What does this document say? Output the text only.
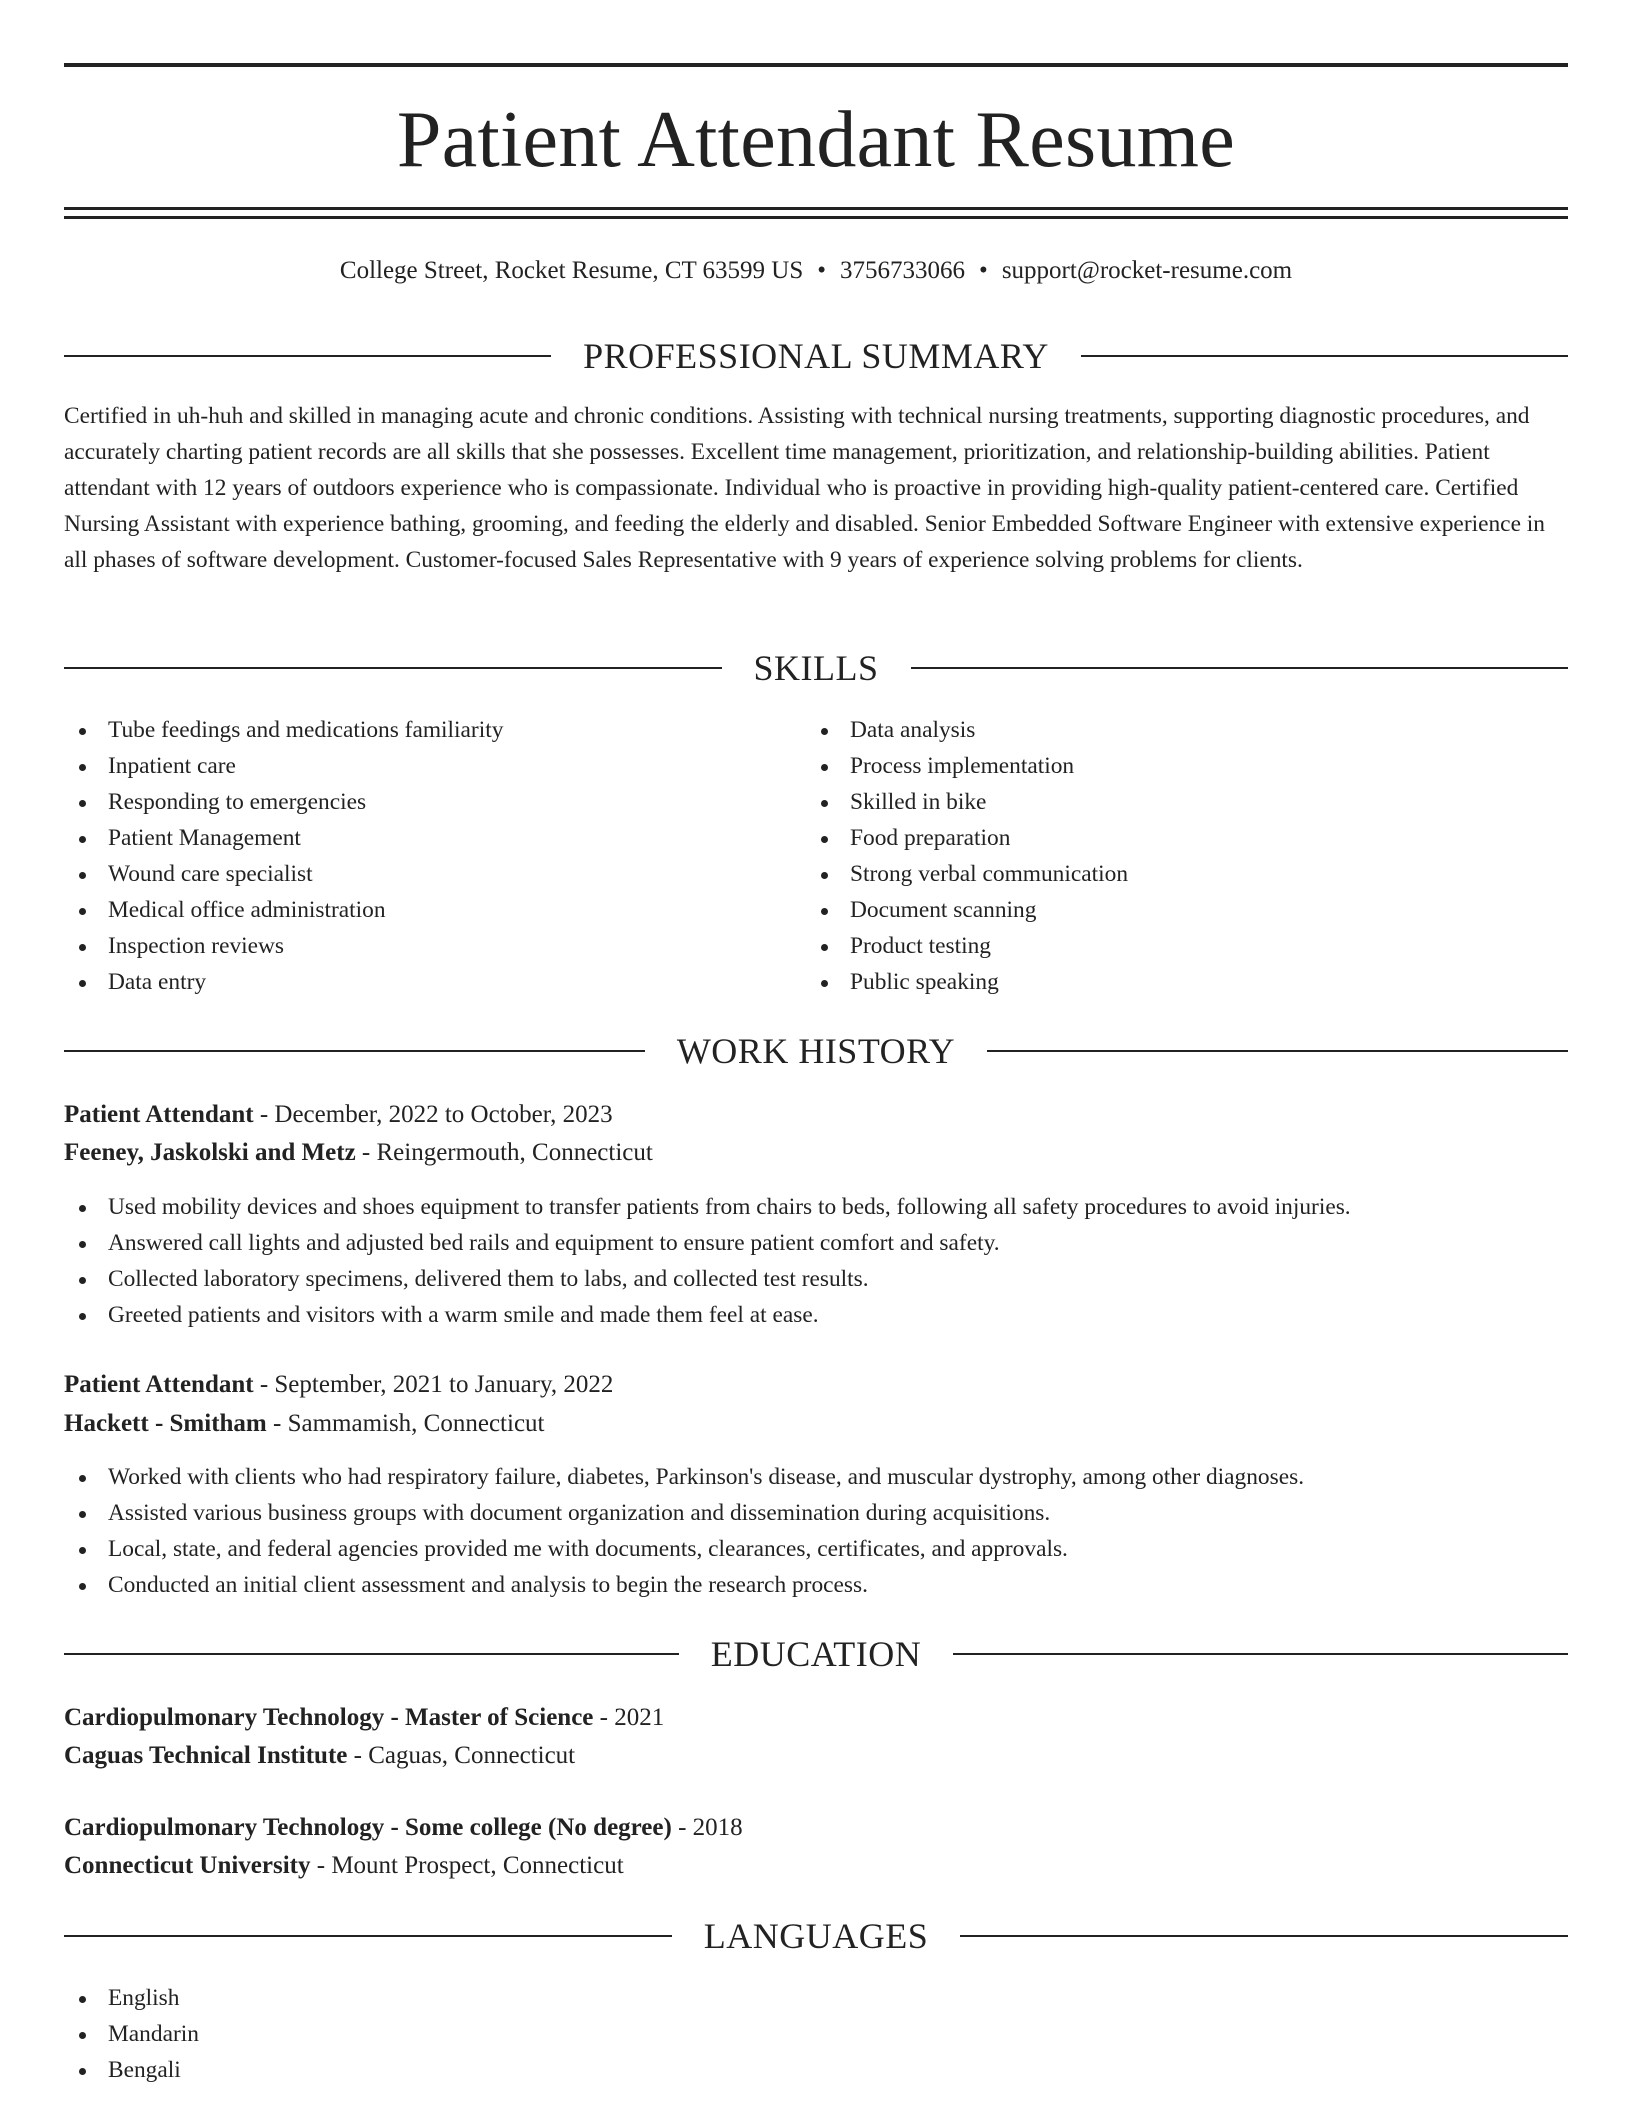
Patient Attendant Resume
College Street, Rocket Resume, CT 63599 US • 3756733066 • support@rocket-resume.com
PROFESSIONAL SUMMARY

Certified in uh-huh and skilled in managing acute and chronic conditions. Assisting with technical nursing treatments, supporting diagnostic procedures, and accurately charting patient records are all skills that she possesses. Excellent time management, prioritization, and relationship-building abilities. Patient attendant with 12 years of outdoors experience who is compassionate. Individual who is proactive in providing high-quality patient-centered care. Certified Nursing Assistant with experience bathing, grooming, and feeding the elderly and disabled. Senior Embedded Software Engineer with extensive experience in all phases of software development. Customer-focused Sales Representative with 9 years of experience solving problems for clients.

SKILLS
Tube feedings and medications familiarity
Inpatient care
Responding to emergencies
Patient Management
Wound care specialist
Medical office administration
Inspection reviews
Data entry
Data analysis
Process implementation
Skilled in bike
Food preparation
Strong verbal communication
Document scanning
Product testing
Public speaking
WORK HISTORY
Patient Attendant - December, 2022 to October, 2023
Feeney, Jaskolski and Metz - Reingermouth, Connecticut
Used mobility devices and shoes equipment to transfer patients from chairs to beds, following all safety procedures to avoid injuries.
Answered call lights and adjusted bed rails and equipment to ensure patient comfort and safety.
Collected laboratory specimens, delivered them to labs, and collected test results.
Greeted patients and visitors with a warm smile and made them feel at ease.
Patient Attendant - September, 2021 to January, 2022
Hackett - Smitham - Sammamish, Connecticut
Worked with clients who had respiratory failure, diabetes, Parkinson's disease, and muscular dystrophy, among other diagnoses.
Assisted various business groups with document organization and dissemination during acquisitions.
Local, state, and federal agencies provided me with documents, clearances, certificates, and approvals.
Conducted an initial client assessment and analysis to begin the research process.
EDUCATION
Cardiopulmonary Technology - Master of Science - 2021
Caguas Technical Institute - Caguas, Connecticut
Cardiopulmonary Technology - Some college (No degree) - 2018
Connecticut University - Mount Prospect, Connecticut
LANGUAGES
English
Mandarin
Bengali
